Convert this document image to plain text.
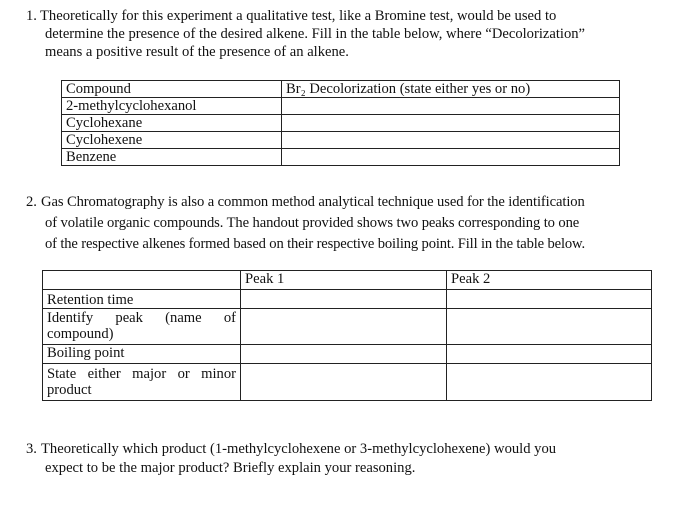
1. Theoretically for this experiment a qualitative test, like a Bromine test, would be used to
determine the presence of the desired alkene. Fill in the table below, where “Decolorization”
means a positive result of the presence of an alkene.
Compound	Br₂ Decolorization (state either yes or no)
2-methylcyclohexanol	
Cyclohexane	
Cyclohexene	
Benzene	
2. Gas Chromatography is also a common method analytical technique used for the identification
of volatile organic compounds. The handout provided shows two peaks corresponding to one
of the respective alkenes formed based on their respective boiling point. Fill in the table below.
	Peak 1	Peak 2
Retention time		
Identify peak (name of compound)		
Boiling point		
State either major or minor product		
3. Theoretically which product (1-methylcyclohexene or 3-methylcyclohexene) would you
expect to be the major product? Briefly explain your reasoning.
